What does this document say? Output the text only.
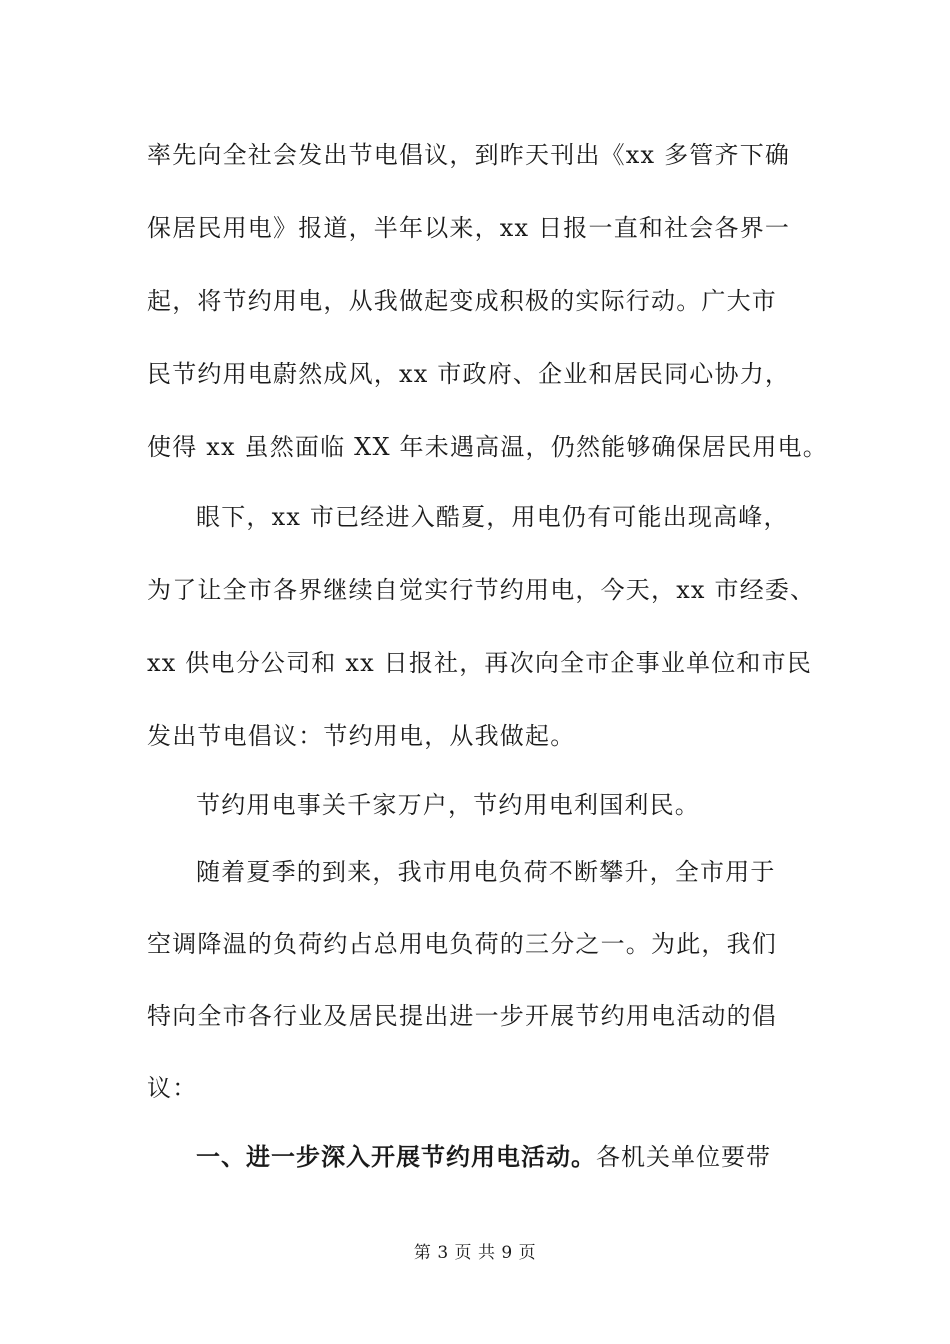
率先向全社会发出节电倡议，到昨天刊出《xx 多管齐下确
保居民用电》报道，半年以来，xx 日报一直和社会各界一
起，将节约用电，从我做起变成积极的实际行动。广大市
民节约用电蔚然成风，xx 市政府、企业和居民同心协力，
使得 xx 虽然面临 XX 年未遇高温，仍然能够确保居民用电。
眼下，xx 市已经进入酷夏，用电仍有可能出现高峰，
为了让全市各界继续自觉实行节约用电，今天，xx 市经委、
xx 供电分公司和 xx 日报社，再次向全市企事业单位和市民
发出节电倡议：节约用电，从我做起。
节约用电事关千家万户，节约用电利国利民。
随着夏季的到来，我市用电负荷不断攀升，全市用于
空调降温的负荷约占总用电负荷的三分之一。为此，我们
特向全市各行业及居民提出进一步开展节约用电活动的倡
议：
一、进一步深入开展节约用电活动。各机关单位要带
第 3 页 共 9 页
